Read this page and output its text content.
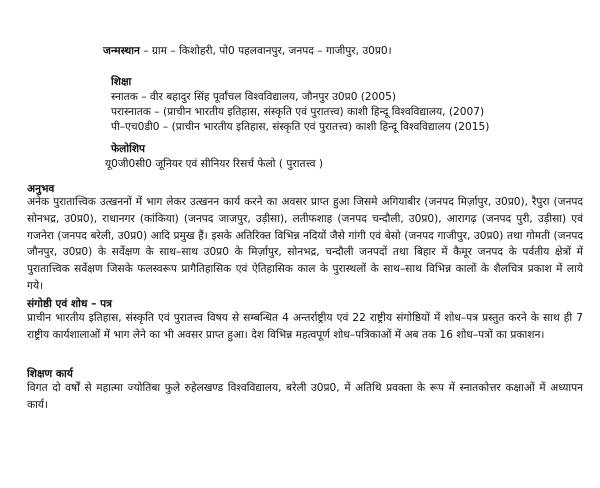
जन्मस्थान – ग्राम – किशोहरी, पो0 पहलवानपुर, जनपद – गाजीपुर, उ0प्र0।
शिक्षा
स्नातक – वीर बहादुर सिंह पूर्वांचल विश्वविद्यालय, जौनपुर उ0प्र0 (2005)
परास्नातक – (प्राचीन भारतीय इतिहास, संस्कृति एवं पुरातत्त्व) काशी हिन्दू विश्वविद्यालय, (2007)
पी–एच0डी0 – (प्राचीन भारतीय इतिहास, संस्कृति एवं पुरातत्त्व) काशी हिन्दू विश्वविद्यालय (2015)
फेलोशिप
यू0जी0सी0 जूनियर एवं सीनियर रिसर्च फेलो ( पुरातत्त्व )
अनुभव
अनेक पुरातात्त्विक उत्खननों में भाग लेकर उत्खनन कार्य करने का अवसर प्राप्त हुआ जिसमे अगियाबीर (जनपद मिर्ज़ापुर, उ0प्र0), रैपुरा (जनपद सोनभद्र, उ0प्र0), राधानगर (कांकिया) (जनपद जाजपुर, उड़ीसा), लतीफशाह (जनपद चन्दौली, उ0प्र0), आरागढ़ (जनपद पुरी, उड़ीसा) एवं गजनेरा (जनपद बरेली, उ0प्र0) आदि प्रमुख हैं। इसके अतिरिक्त विभिन्न नदियों जैसे गांगी एवं बेसो (जनपद गाजीपुर, उ0प्र0) तथा गोमती (जनपद जौनपुर, उ0प्र0) के सर्वेक्षण के साथ–साथ उ0प्र0 के मिर्ज़ापुर, सोनभद्र, चन्दौली जनपदों तथा बिहार में कैमूर जनपद के पर्वतीय क्षेत्रों में पुरातात्त्विक सर्वेक्षण जिसके फलस्वरूप प्रागैतिहासिक एवं ऐतिहासिक काल के पुरास्थलों के साथ–साथ विभिन्न कालों के शैलचित्र प्रकाश में लाये गये।
संगोष्ठी एवं शोध – पत्र
प्राचीन भारतीय इतिहास, संस्कृति एवं पुरातत्त्व विषय से सम्बन्धित 4 अन्तर्राष्ट्रीय एवं 22 राष्ट्रीय संगोष्ठियों में शोध–पत्र प्रस्तुत करने के साथ ही 7 राष्ट्रीय कार्यशालाओं में भाग लेने का भी अवसर प्राप्त हुआ। देश विभिन्न महत्वपूर्ण शोध–पत्रिकाओं में अब तक 16 शोध–पत्रों का प्रकाशन।
शिक्षण कार्य
विगत दो वर्षों से महात्मा ज्योतिबा फुले रुहेलखण्ड विश्वविद्यालय, बरेली उ0प्र0, में अतिथि प्रवक्ता के रूप में स्नातकोत्तर कक्षाओं में अध्यापन कार्य।
